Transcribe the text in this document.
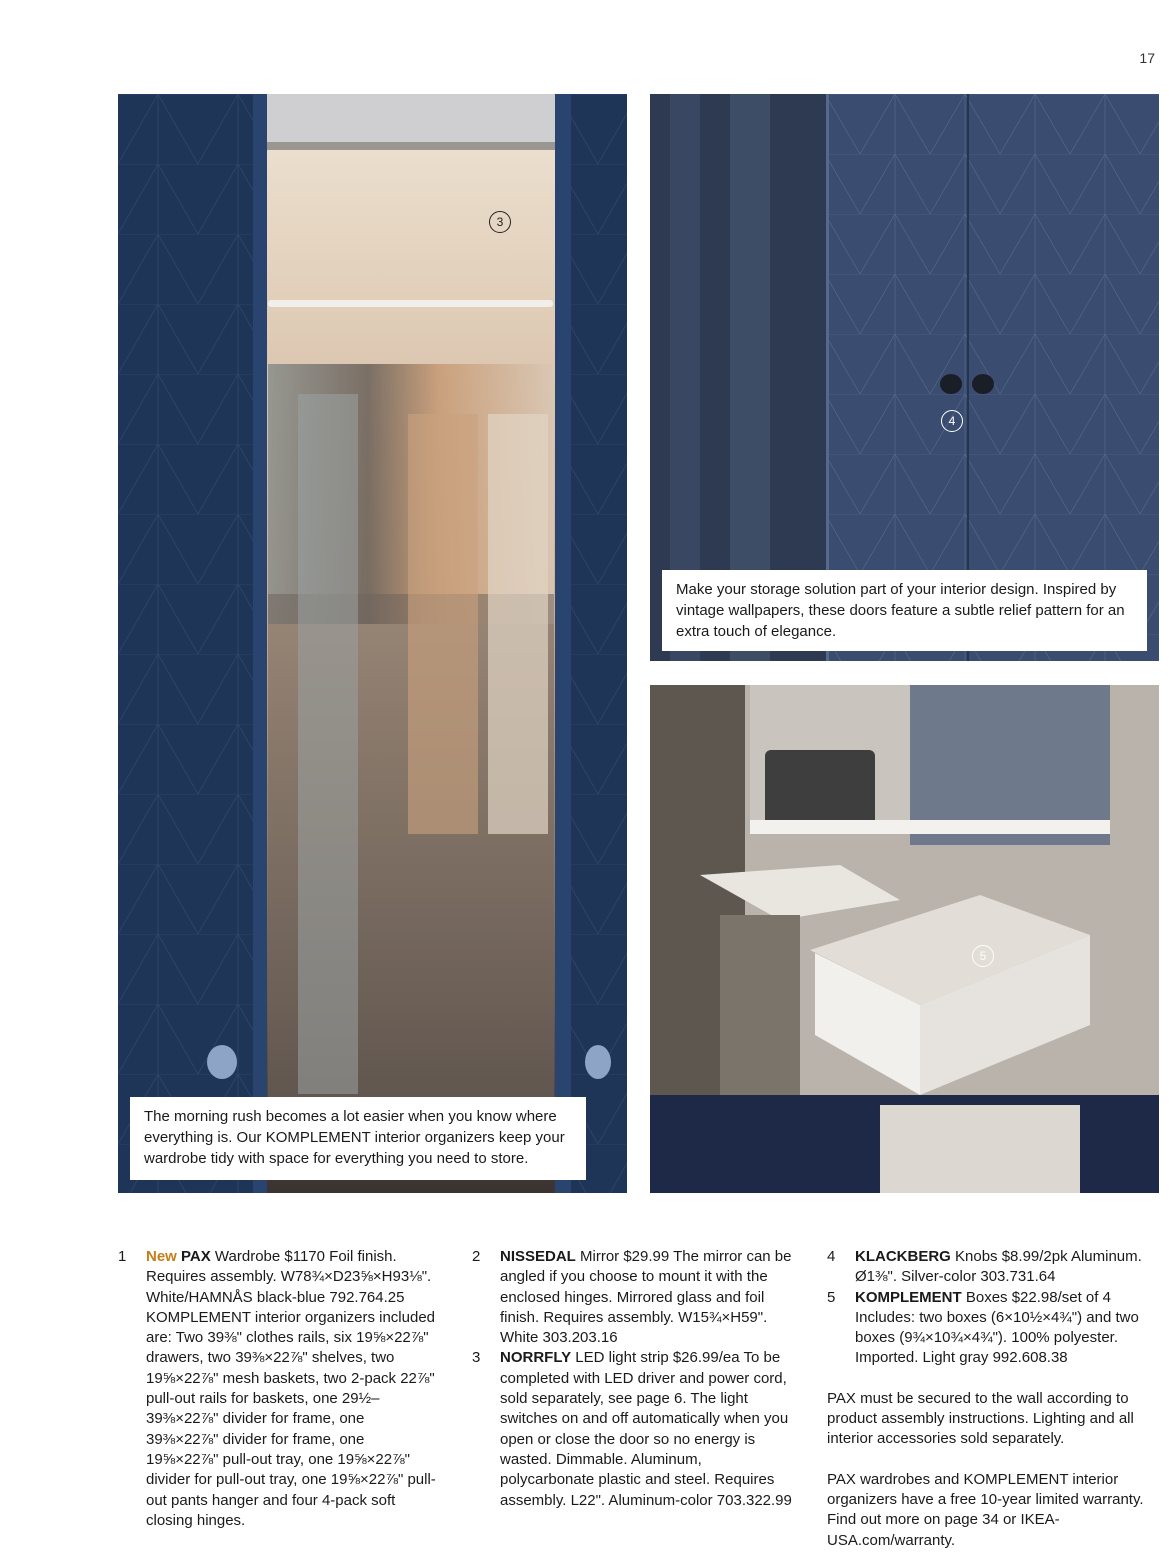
17
3
The morning rush becomes a lot easier when you know where everything is. Our KOMPLEMENT interior organizers keep your wardrobe tidy with space for everything you need to store.
4
Make your storage solution part of your interior design. Inspired by vintage wallpapers, these doors feature a subtle relief pattern for an extra touch of elegance.
5
1 New PAX Wardrobe $1170 Foil finish. Requires assembly. W78¾×D23⅝×H93⅛". White/HAMNÅS black-blue 792.764.25 KOMPLEMENT interior organizers included are: Two 39⅜" clothes rails, six 19⅝×22⅞" drawers, two 39⅜×22⅞" shelves, two 19⅝×22⅞" mesh baskets, two 2-pack 22⅞" pull-out rails for baskets, one 29½–39⅜×22⅞" divider for frame, one 39⅜×22⅞" divider for frame, one 19⅝×22⅞" pull-out tray, one 19⅝×22⅞" divider for pull-out tray, one 19⅝×22⅞" pull-out pants hanger and four 4-pack soft closing hinges.
2 NISSEDAL Mirror $29.99 The mirror can be angled if you choose to mount it with the enclosed hinges. Mirrored glass and foil finish. Requires assembly. W15¾×H59". White 303.203.16
3 NORRFLY LED light strip $26.99/ea To be completed with LED driver and power cord, sold separately, see page 6. The light switches on and off automatically when you open or close the door so no energy is wasted. Dimmable. Aluminum, polycarbonate plastic and steel. Requires assembly. L22". Aluminum-color 703.322.99
4 KLACKBERG Knobs $8.99/2pk Aluminum. Ø1⅜". Silver-color 303.731.64
5 KOMPLEMENT Boxes $22.98/set of 4 Includes: two boxes (6×10½×4¾") and two boxes (9¾×10¾×4¾"). 100% polyester. Imported. Light gray 992.608.38
PAX must be secured to the wall according to product assembly instructions. Lighting and all interior accessories sold separately.
PAX wardrobes and KOMPLEMENT interior organizers have a free 10-year limited warranty. Find out more on page 34 or IKEA-USA.com/warranty.
